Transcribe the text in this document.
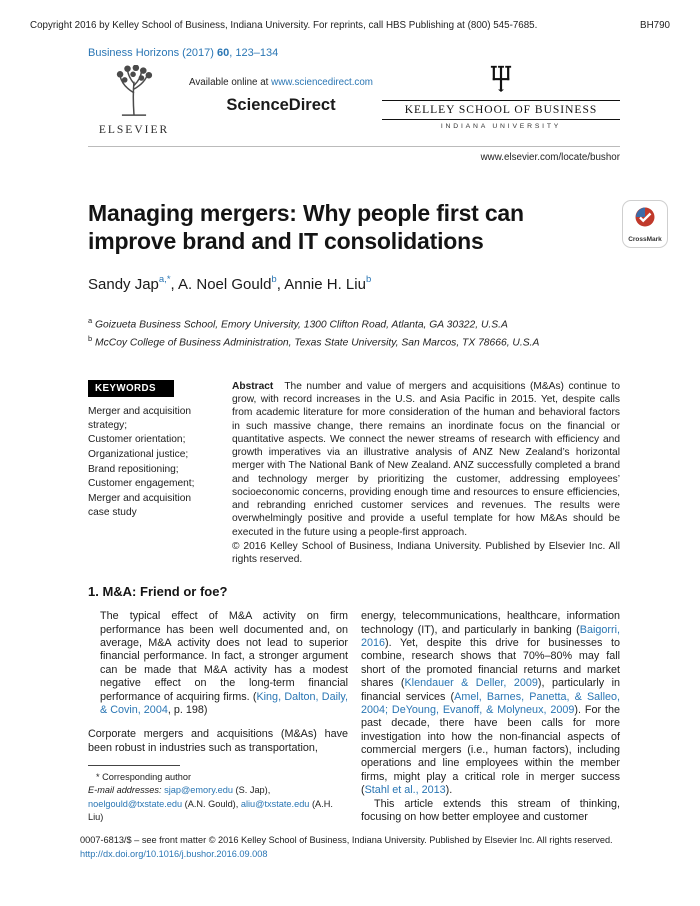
Copyright 2016 by Kelley School of Business, Indiana University. For reprints, call HBS Publishing at (800) 545-7685.	BH790
Business Horizons (2017) 60, 123–134
ELSEVIER
Available online at www.sciencedirect.com
ScienceDirect	KELLEY SCHOOL OF BUSINESS
INDIANA UNIVERSITY
www.elsevier.com/locate/bushor
Managing mergers: Why people first can improve brand and IT consolidations
Sandy Jap$^{a,*}$, A. Noel Gould$^b$, Annie H. Liu$^b$
$^a$ Goizueta Business School, Emory University, 1300 Clifton Road, Atlanta, GA 30322, U.S.A
$^b$ McCoy College of Business Administration, Texas State University, San Marcos, TX 78666, U.S.A
KEYWORDS
Merger and acquisition strategy;
Customer orientation;
Organizational justice;
Brand repositioning;
Customer engagement;
Merger and acquisition case study
Abstract The number and value of mergers and acquisitions (M&As) continue to grow, with record increases in the U.S. and Asia Pacific in 2015. Yet, despite calls from academic literature for more consideration of the human and behavioral factors in such massive change, there remains an inordinate focus on the financial or quantitative aspects. We connect the newer streams of research with efficiency and growth imperatives via an illustrative analysis of ANZ New Zealand’s horizontal merger with The National Bank of New Zealand. ANZ successfully completed a brand and technology merger by prioritizing the customer, addressing employees’ socioeconomic concerns, providing enough time and resources to ensure efficiencies, and rebranding enriched customer services and revenues. The results were overwhelmingly positive and provide a useful template for how M&As should be executed in the future using a people-first approach.
© 2016 Kelley School of Business, Indiana University. Published by Elsevier Inc. All rights reserved.
1. M&A: Friend or foe?
The typical effect of M&A activity on firm performance has been well documented and, on average, M&A activity does not lead to superior financial performance. In fact, a stronger argument can be made that M&A activity has a modest negative effect on the long-term financial performance of acquiring firms. (King, Dalton, Daily, & Covin, 2004, p. 198)
Corporate mergers and acquisitions (M&As) have been robust in industries such as transportation,
* Corresponding author
E-mail addresses: sjap@emory.edu (S. Jap), noelgould@txstate.edu (A.N. Gould), aliu@txstate.edu (A.H. Liu)
energy, telecommunications, healthcare, information technology (IT), and particularly in banking (Baigorri, 2016). Yet, despite this drive for businesses to combine, research shows that 70%–80% may fall short of the promoted financial returns and market shares (Klendauer & Deller, 2009), particularly in financial services (Amel, Barnes, Panetta, & Salleo, 2004; DeYoung, Evanoff, & Molyneux, 2009). For the past decade, there have been calls for more investigation into how the non-financial aspects of commercial mergers (i.e., human factors), including operations and line employees within the member firms, might play a critical role in merger success (Stahl et al., 2013).
This article extends this stream of thinking, focusing on how better employee and customer
CrossMark
0007-6813/$ – see front matter © 2016 Kelley School of Business, Indiana University. Published by Elsevier Inc. All rights reserved.
http://dx.doi.org/10.1016/j.bushor.2016.09.008
